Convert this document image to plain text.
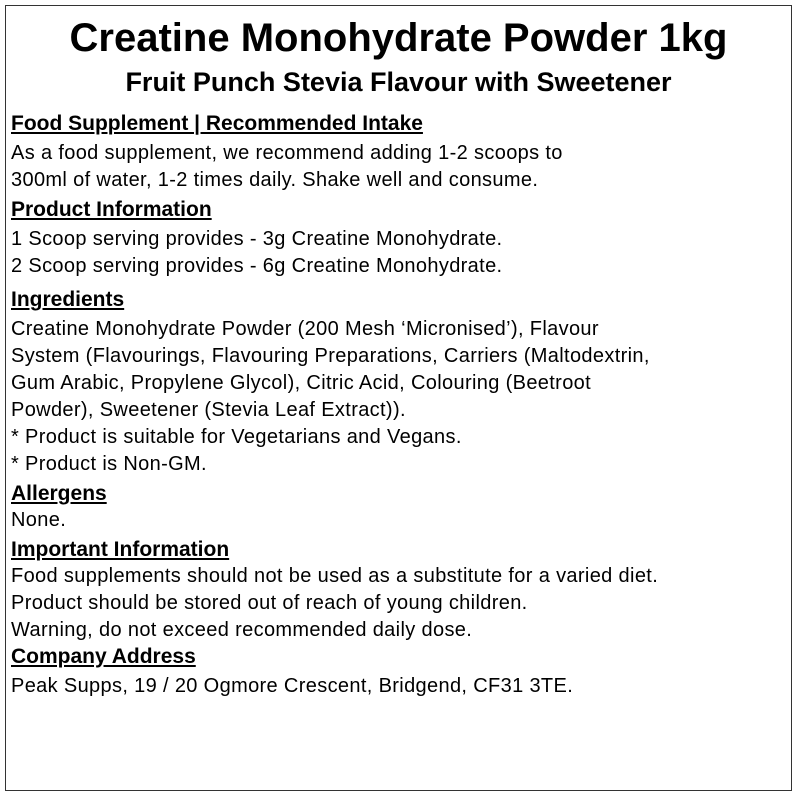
Creatine Monohydrate Powder 1kg
Fruit Punch Stevia Flavour with Sweetener
Food Supplement | Recommended Intake
As a food supplement, we recommend adding 1-2 scoops to
300ml of water, 1-2 times daily. Shake well and consume.
Product Information
1 Scoop serving provides - 3g Creatine Monohydrate.
2 Scoop serving provides - 6g Creatine Monohydrate.
Ingredients
Creatine Monohydrate Powder (200 Mesh ‘Micronised’), Flavour
System (Flavourings, Flavouring Preparations, Carriers (Maltodextrin,
Gum Arabic, Propylene Glycol), Citric Acid, Colouring (Beetroot
Powder), Sweetener (Stevia Leaf Extract)).
* Product is suitable for Vegetarians and Vegans.
* Product is Non-GM.
Allergens
None.
Important Information
Food supplements should not be used as a substitute for a varied diet.
Product should be stored out of reach of young children.
Warning, do not exceed recommended daily dose.
Company Address
Peak Supps, 19 / 20 Ogmore Crescent, Bridgend, CF31 3TE.
